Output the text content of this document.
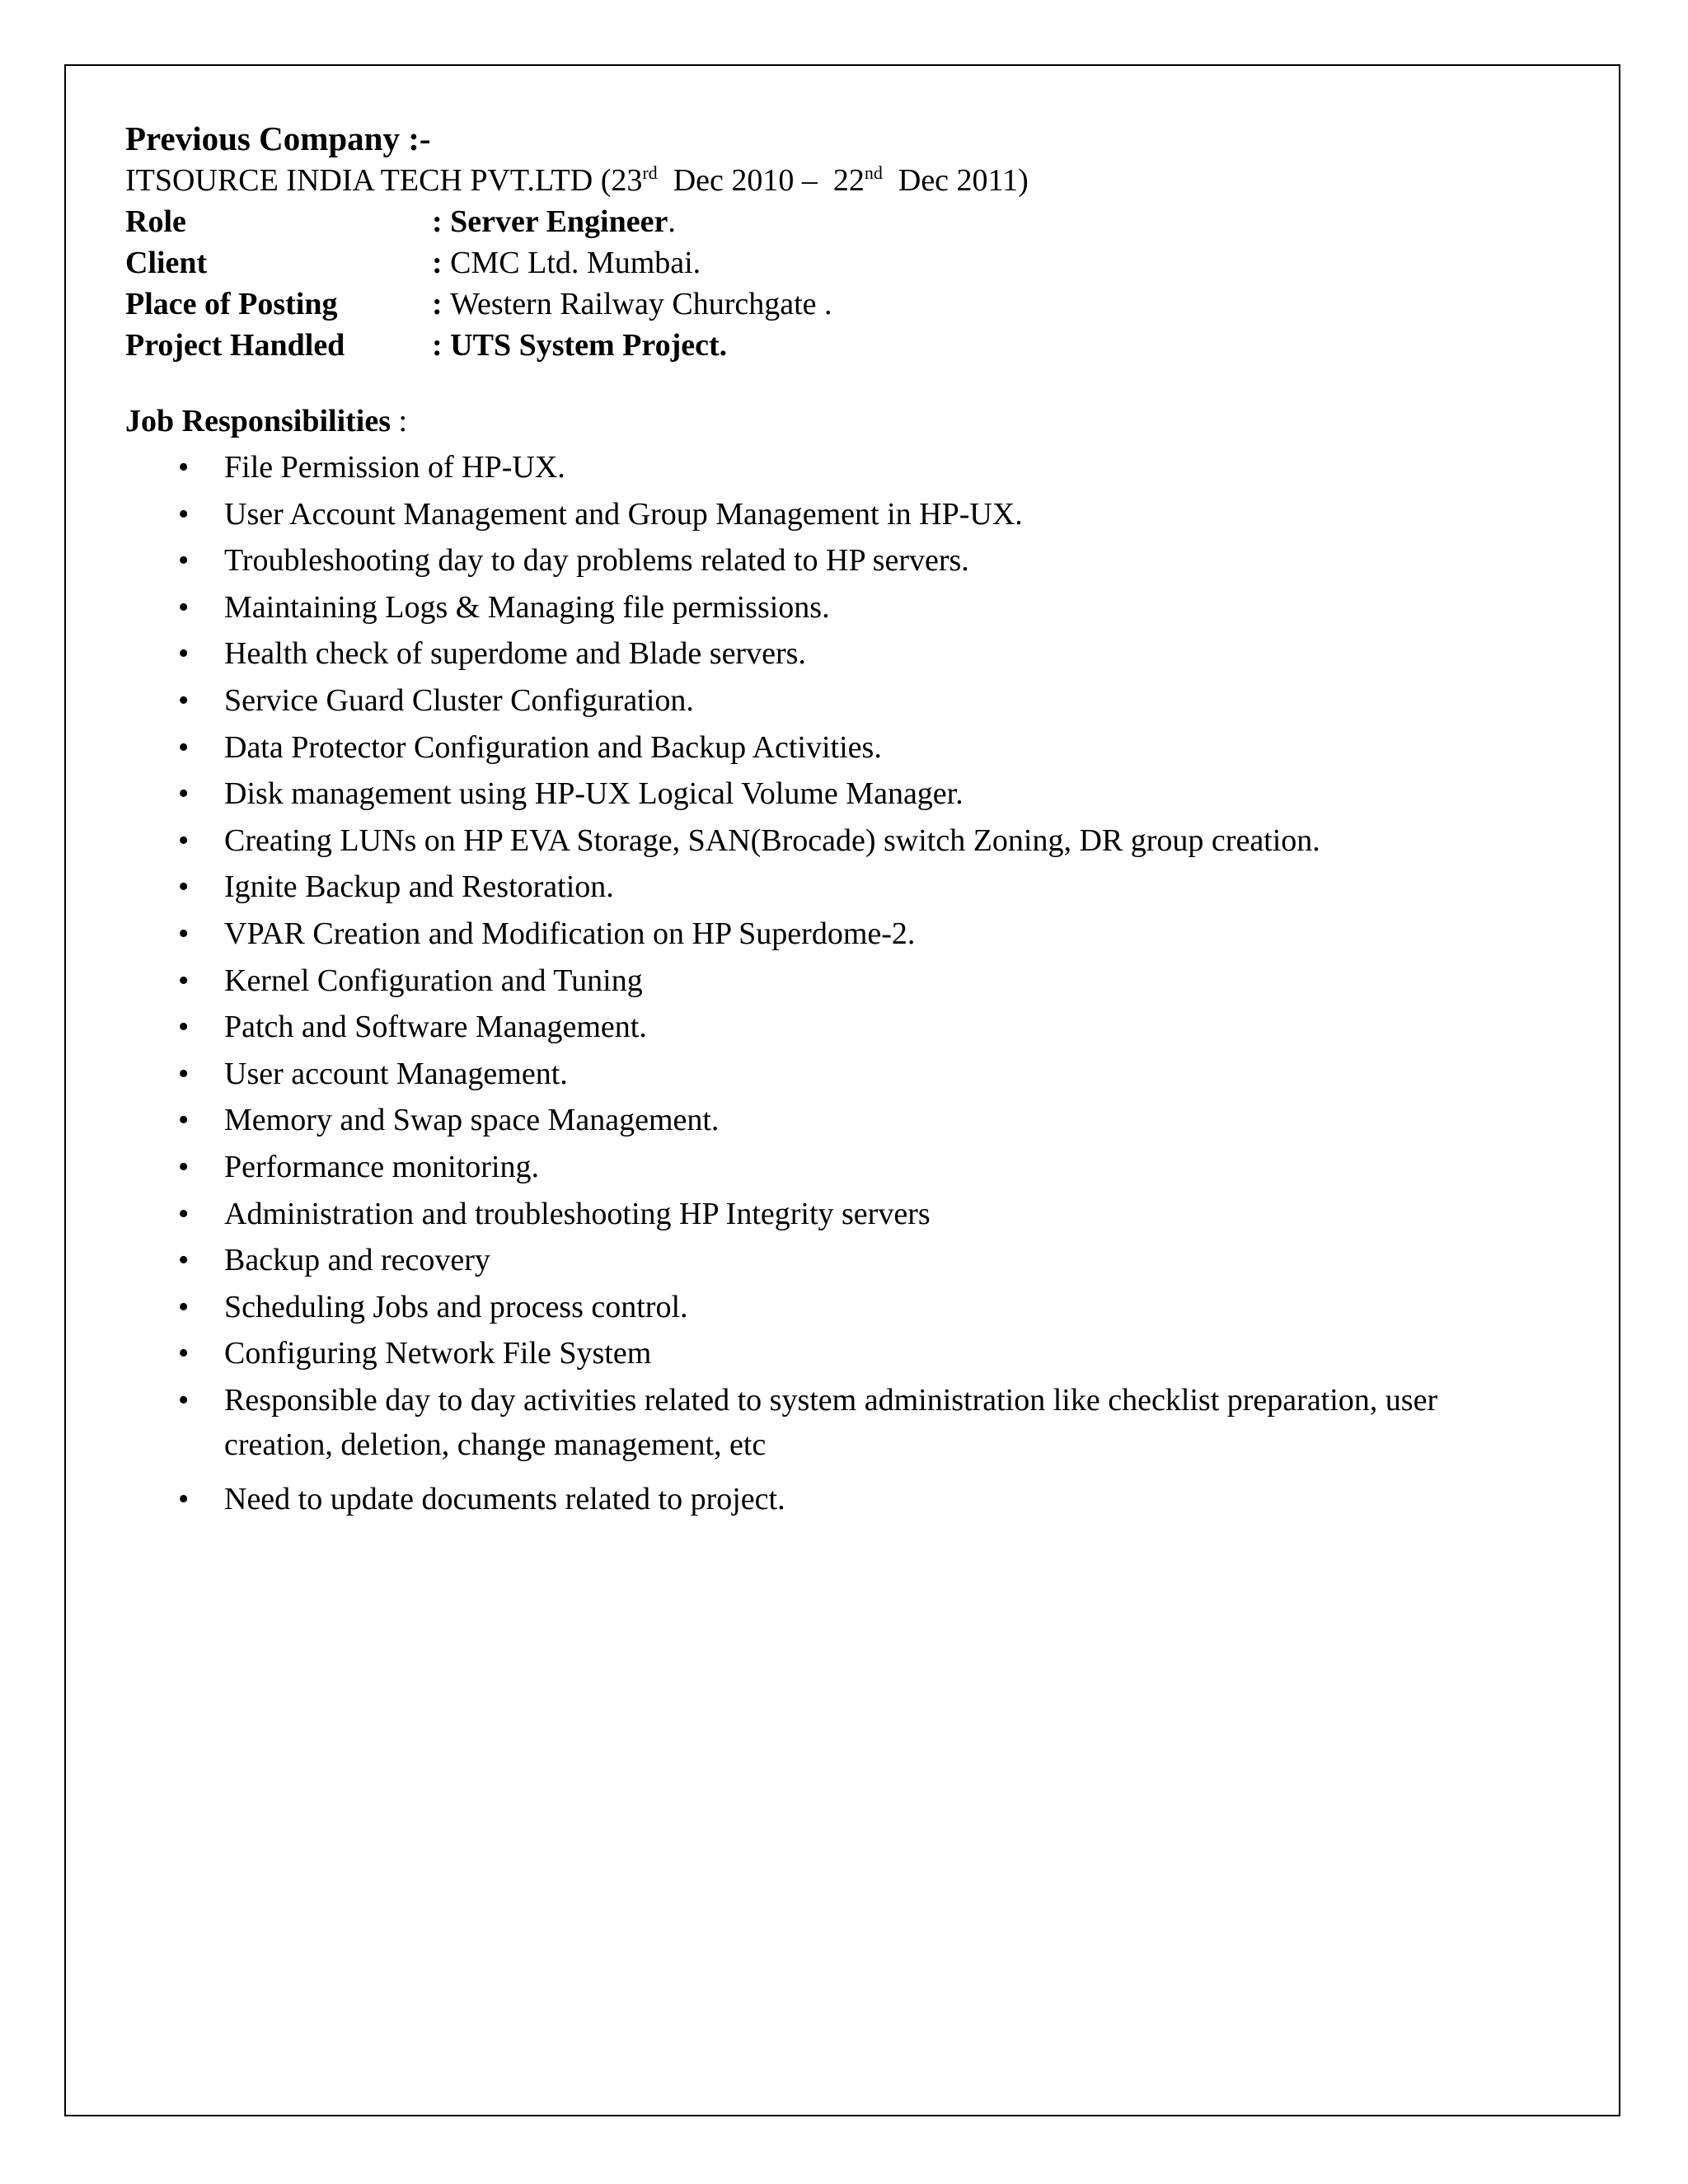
Previous Company :-
ITSOURCE INDIA TECH PVT.LTD (23rd  Dec 2010 –  22nd  Dec 2011)
Role	: Server Engineer.
Client	: CMC Ltd. Mumbai.
Place of Posting	: Western Railway Churchgate .
Project Handled	: UTS System Project.
Job Responsibilities :
• File Permission of HP-UX.
• User Account Management and Group Management in HP-UX.
• Troubleshooting day to day problems related to HP servers.
• Maintaining Logs & Managing file permissions.
• Health check of superdome and Blade servers.
• Service Guard Cluster Configuration.
• Data Protector Configuration and Backup Activities.
• Disk management using HP-UX Logical Volume Manager.
• Creating LUNs on HP EVA Storage, SAN(Brocade) switch Zoning, DR group creation.
• Ignite Backup and Restoration.
• VPAR Creation and Modification on HP Superdome-2.
• Kernel Configuration and Tuning
• Patch and Software Management.
• User account Management.
• Memory and Swap space Management.
• Performance monitoring.
• Administration and troubleshooting HP Integrity servers
• Backup and recovery
• Scheduling Jobs and process control.
• Configuring Network File System
• Responsible day to day activities related to system administration like checklist preparation, user creation, deletion, change management, etc
• Need to update documents related to project.
